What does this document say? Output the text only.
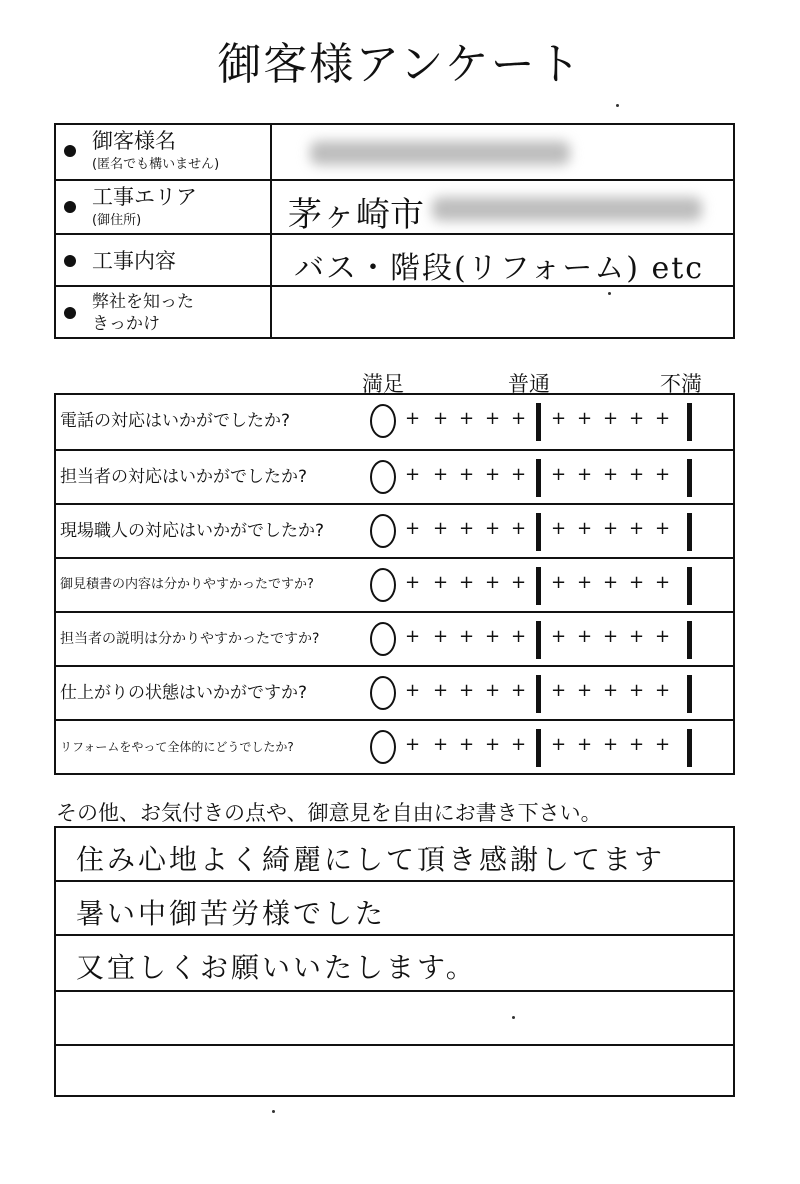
御客様アンケート
御客様名
(匿名でも構いません)
工事エリア
(御住所)	茅ヶ崎市
工事内容	バス・階段(リフォーム) etc
弊社を知った
きっかけ
満足	普通	不満
電話の対応はいかがでしたか?	+ + + + + + + + + +
担当者の対応はいかがでしたか?	+ + + + + + + + + +
現場職人の対応はいかがでしたか?	+ + + + + + + + + +
御見積書の内容は分かりやすかったですか?	+ + + + + + + + + +
担当者の説明は分かりやすかったですか?	+ + + + + + + + + +
仕上がりの状態はいかがですか?	+ + + + + + + + + +
リフォームをやって全体的にどうでしたか?	+ + + + + + + + + +
その他、お気付きの点や、御意見を自由にお書き下さい。
住み心地よく綺麗にして頂き感謝してます
暑い中御苦労様でした
又宜しくお願いいたします。
